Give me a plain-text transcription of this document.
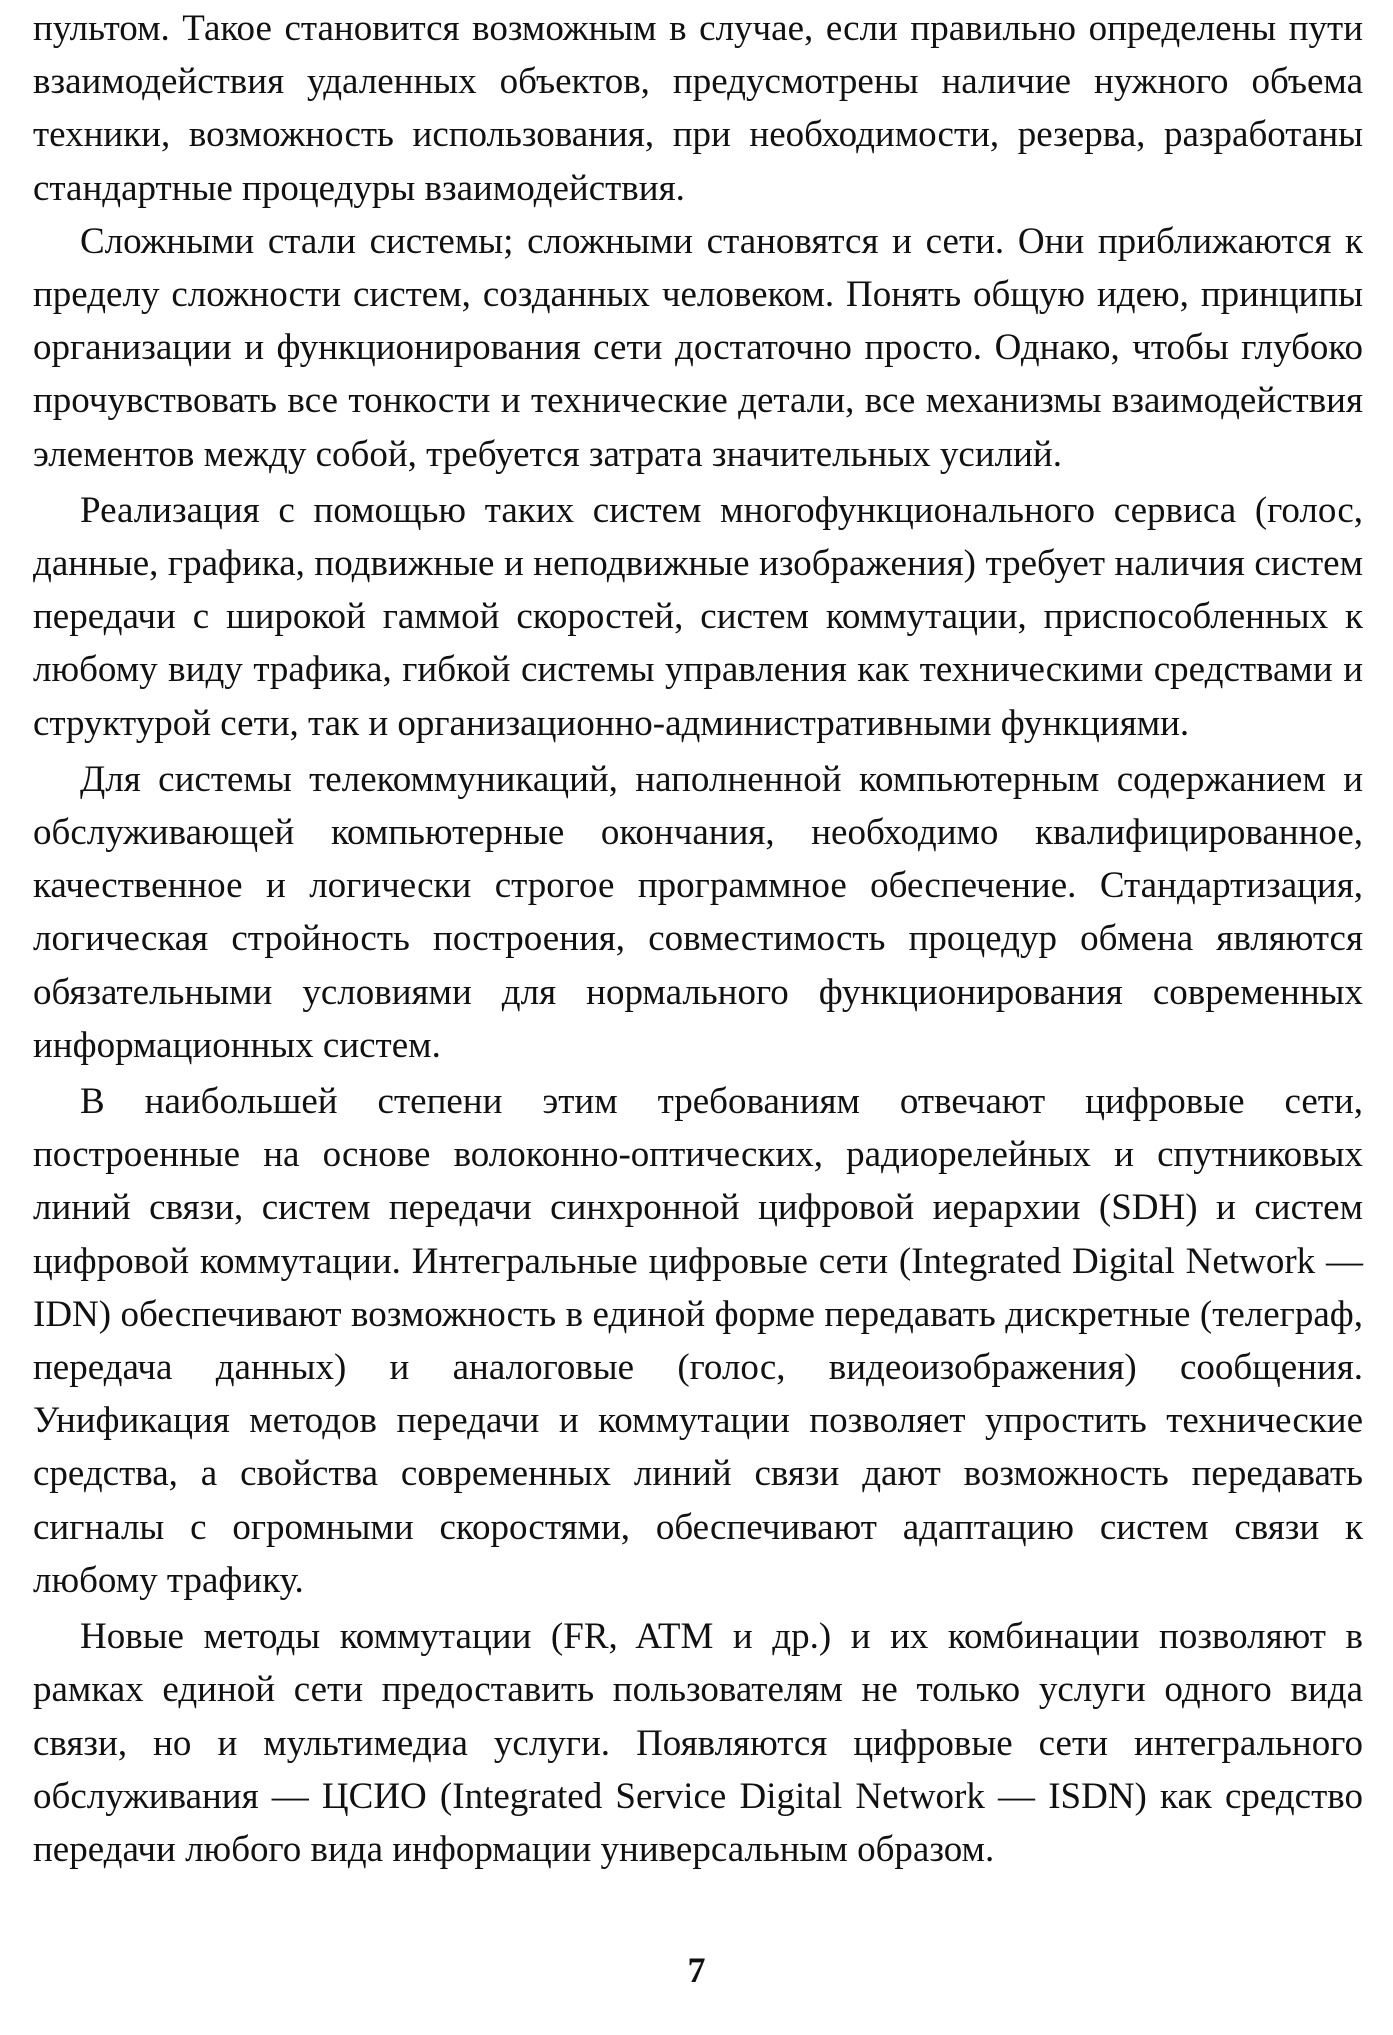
пультом. Такое становится возможным в случае, если правильно определены пути взаимодействия удаленных объектов, предусмотрены наличие нужного объема техники, возможность использования, при необходимости, резерва, разработаны стандартные процедуры взаимодействия.

Сложными стали системы; сложными становятся и сети. Они приближаются к пределу сложности систем, созданных человеком. Понять общую идею, принципы организации и функционирования сети достаточно просто. Однако, чтобы глубоко прочувствовать все тонкости и технические детали, все механизмы взаимодействия элементов между собой, требуется затрата значительных усилий.

Реализация с помощью таких систем многофункционального сервиса (голос, данные, графика, подвижные и неподвижные изображения) требует наличия систем передачи с широкой гаммой скоростей, систем коммутации, приспособленных к любому виду трафика, гибкой системы управления как техническими средствами и структурой сети, так и организационно-административными функциями.

Для системы телекоммуникаций, наполненной компьютерным содержанием и обслуживающей компьютерные окончания, необходимо квалифицированное, качественное и логически строгое программное обеспечение. Стандартизация, логическая стройность построения, совместимость процедур обмена являются обязательными условиями для нормального функционирования современных информационных систем.

В наибольшей степени этим требованиям отвечают цифровые сети, построенные на основе волоконно-оптических, радиорелейных и спутниковых линий связи, систем передачи синхронной цифровой иерархии (SDH) и систем цифровой коммутации. Интегральные цифровые сети (Integrated Digital Network — IDN) обеспечивают возможность в единой форме передавать дискретные (телеграф, передача данных) и аналоговые (голос, видеоизображения) сообщения. Унификация методов передачи и коммутации позволяет упростить технические средства, а свойства современных линий связи дают возможность передавать сигналы с огромными скоростями, обеспечивают адаптацию систем связи к любому трафику.

Новые методы коммутации (FR, ATM и др.) и их комбинации позволяют в рамках единой сети предоставить пользователям не только услуги одного вида связи, но и мультимедиа услуги. Появляются цифровые сети интегрального обслуживания — ЦСИО (Integrated Service Digital Network — ISDN) как средство передачи любого вида информации универсальным образом.

7
